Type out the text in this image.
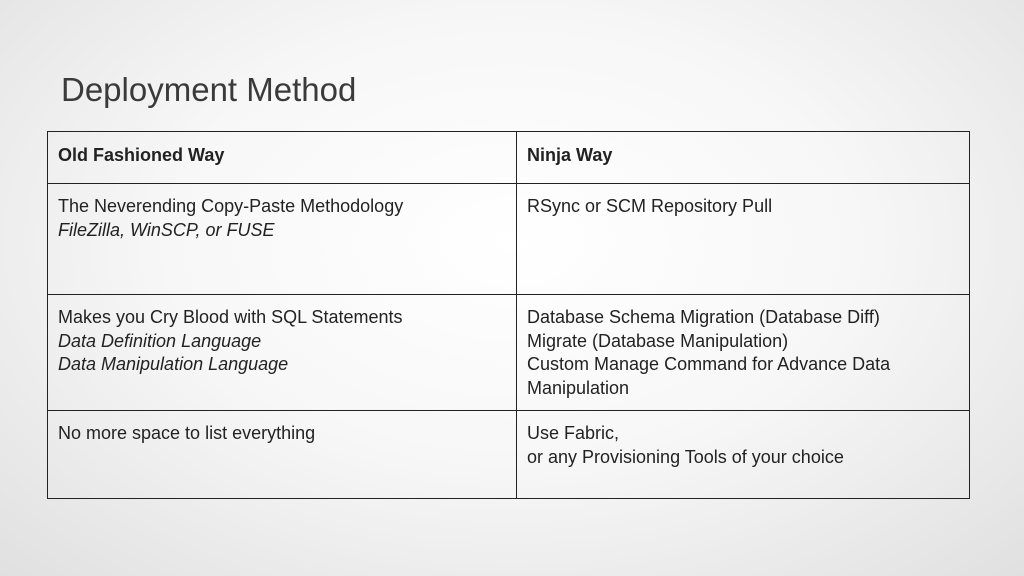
Deployment Method
Old Fashioned Way	Ninja Way

The Neverending Copy-Paste Methodology
FileZilla, WinSCP, or FUSE	RSync or SCM Repository Pull

Makes you Cry Blood with SQL Statements
Data Definition Language
Data Manipulation Language	Database Schema Migration (Database Diff)
Migrate (Database Manipulation)
Custom Manage Command for Advance Data Manipulation

No more space to list everything	Use Fabric,
or any Provisioning Tools of your choice
